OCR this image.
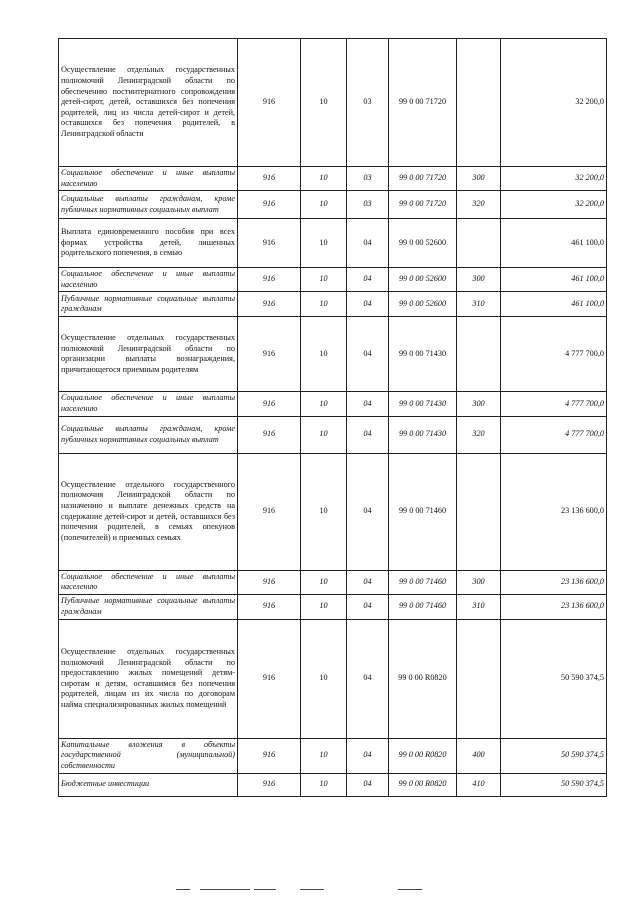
Осуществление отдельных государственных полномочий Ленинградской области по обеспечению постинтернатного сопровождения детей-сирот, детей, оставшихся без попечения родителей, лиц из числа детей-сирот и детей, оставшихся без попечения родителей, в Ленинградской области	916	10	03	99 0 00 71720		32 200,0
Социальное обеспечение и иные выплаты населению	916	10	03	99 0 00 71720	300	32 200,0
Социальные выплаты гражданам, кроме публичных нормативных социальных выплат	916	10	03	99 0 00 71720	320	32 200,0
Выплата единовременного пособия при всех формах устройства детей, лишенных родительского попечения, в семью	916	10	04	99 0 00 52600		461 100,0
Социальное обеспечение и иные выплаты населению	916	10	04	99 0 00 52600	300	461 100,0
Публичные нормативные социальные выплаты гражданам	916	10	04	99 0 00 52600	310	461 100,0
Осуществление отдельных государственных полномочий Ленинградской области по организации выплаты вознаграждения, причитающегося приемным родителям	916	10	04	99 0 00 71430		4 777 700,0
Социальное обеспечение и иные выплаты населению	916	10	04	99 0 00 71430	300	4 777 700,0
Социальные выплаты гражданам, кроме публичных нормативных социальных выплат	916	10	04	99 0 00 71430	320	4 777 700,0
Осуществление отдельного государственного полномочия Ленинградской области по назначению и выплате денежных средств на содержание детей-сирот и детей, оставшихся без попечения родителей, в семьях опекунов (попечителей) и приемных семьях	916	10	04	99 0 00 71460		23 136 600,0
Социальное обеспечение и иные выплаты населению	916	10	04	99 0 00 71460	300	23 136 600,0
Публичные нормативные социальные выплаты гражданам	916	10	04	99 0 00 71460	310	23 136 600,0
Осуществление отдельных государственных полномочий Ленинградской области по предоставлению жилых помещений детям-сиротам и детям, оставшимся без попечения родителей, лицам из их числа по договорам найма специализированных жилых помещений	916	10	04	99 0 00 R0820		50 590 374,5
Капитальные вложения в объекты государственной (муниципальной) собственности	916	10	04	99 0 00 R0820	400	50 590 374,5
Бюджетные инвестиции	916	10	04	99 0 00 R0820	410	50 590 374,5
